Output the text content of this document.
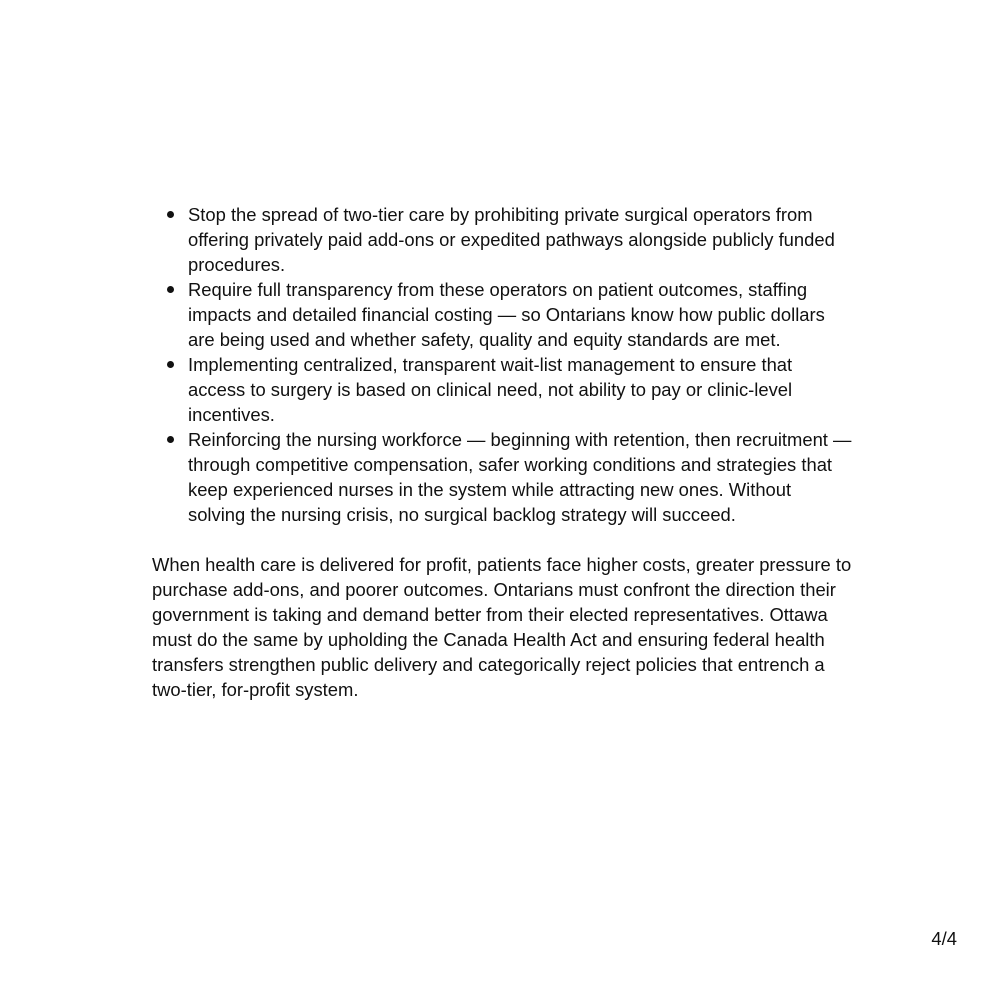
Stop the spread of two-tier care by prohibiting private surgical operators from offering privately paid add-ons or expedited pathways alongside publicly funded procedures.
Require full transparency from these operators on patient outcomes, staffing impacts and detailed financial costing — so Ontarians know how public dollars are being used and whether safety, quality and equity standards are met.
Implementing centralized, transparent wait-list management to ensure that access to surgery is based on clinical need, not ability to pay or clinic-level incentives.
Reinforcing the nursing workforce — beginning with retention, then recruitment — through competitive compensation, safer working conditions and strategies that keep experienced nurses in the system while attracting new ones. Without solving the nursing crisis, no surgical backlog strategy will succeed.

When health care is delivered for profit, patients face higher costs, greater pressure to purchase add-ons, and poorer outcomes. Ontarians must confront the direction their government is taking and demand better from their elected representatives. Ottawa must do the same by upholding the Canada Health Act and ensuring federal health transfers strengthen public delivery and categorically reject policies that entrench a two-tier, for-profit system.

4/4
